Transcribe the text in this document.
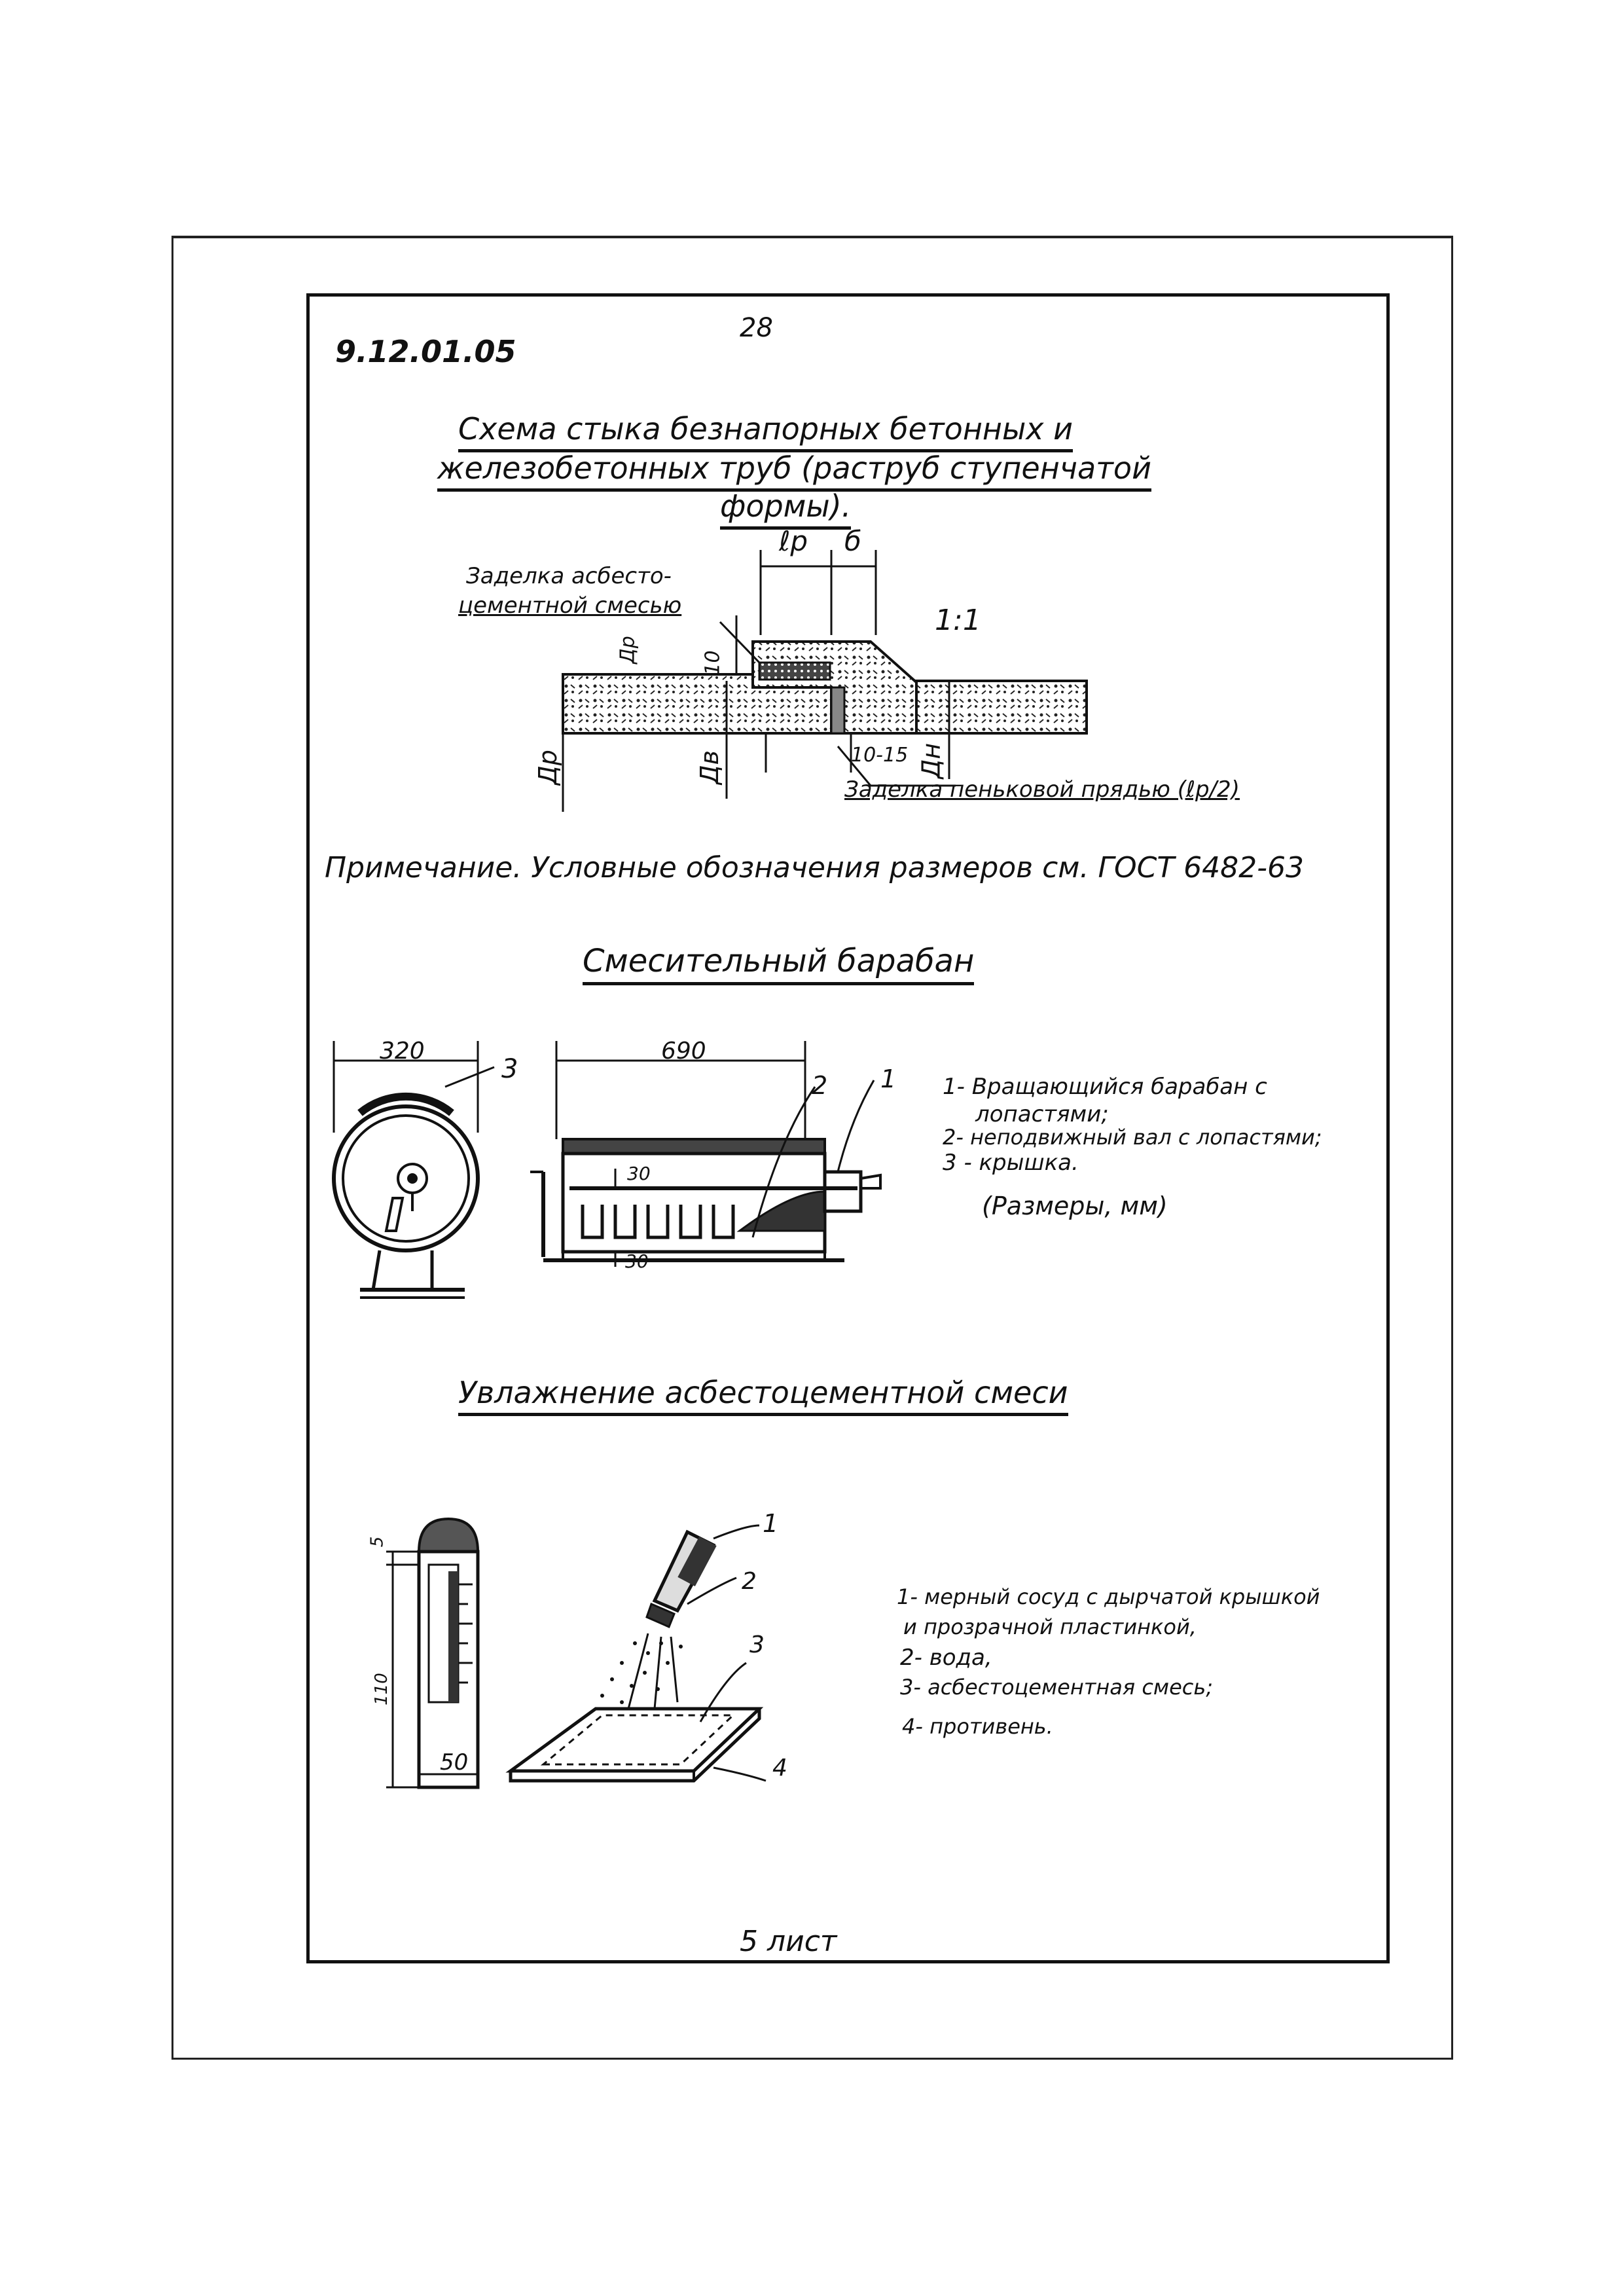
28
9.12.01.05
Схема стыка безнапорных бетонных и
железобетонных труб (раструб ступенчатой
формы).
ℓр б
1:1
Заделка асбесто-
цементной смесью
Др	10
Др	Дв	Дн
10-15
Заделка пеньковой прядью (ℓр/2)
Примечание. Условные обозначения размеров см. ГОСТ 6482-63
Смесительный барабан
320
3
690
30
30
2 1 1- Вращающийся барабан с
лопастями;
2- неподвижный вал с лопастями;
3 - крышка.
(Размеры, мм)
Увлажнение асбестоцементной смеси
5
110
50
1
2
3
4
1- мерный сосуд с дырчатой крышкой
и прозрачной пластинкой,
2- вода,
3- асбестоцементная смесь;
4- противень.
5 лист
